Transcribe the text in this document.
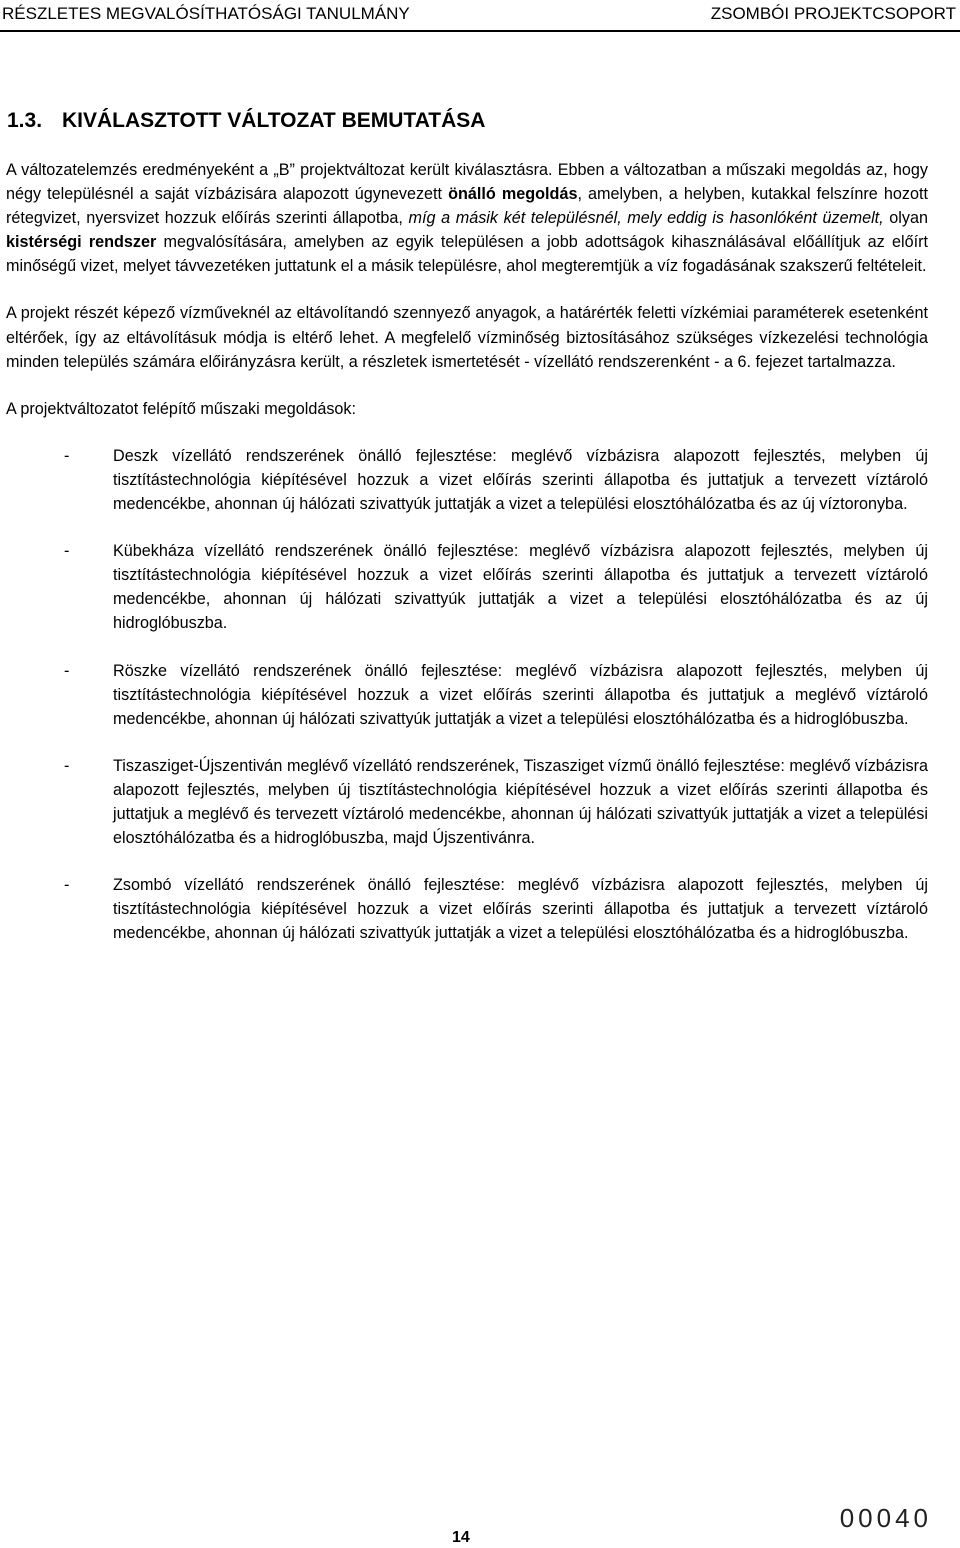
RÉSZLETES MEGVALÓSÍTHATÓSÁGI TANULMÁNY	ZSOMBÓI PROJEKTCSOPORT
1.3. KIVÁLASZTOTT VÁLTOZAT BEMUTATÁSA

A változatelemzés eredményeként a „B” projektváltozat került kiválasztásra. Ebben a változatban a műszaki megoldás az, hogy négy településnél a saját vízbázisára alapozott úgynevezett önálló megoldás, amelyben, a helyben, kutakkal felszínre hozott rétegvizet, nyersvizet hozzuk előírás szerinti állapotba, míg a másik két településnél, mely eddig is hasonlóként üzemelt, olyan kistérségi rendszer megvalósítására, amelyben az egyik településen a jobb adottságok kihasználásával előállítjuk az előírt minőségű vizet, melyet távvezetéken juttatunk el a másik településre, ahol megteremtjük a víz fogadásának szakszerű feltételeit.

A projekt részét képező vízműveknél az eltávolítandó szennyező anyagok, a határérték feletti vízkémiai paraméterek esetenként eltérőek, így az eltávolításuk módja is eltérő lehet. A megfelelő vízminőség biztosításához szükséges vízkezelési technológia minden település számára előirányzásra került, a részletek ismertetését - vízellátó rendszerenként - a 6. fejezet tartalmazza.

A projektváltozatot felépítő műszaki megoldások:

-	Deszk vízellátó rendszerének önálló fejlesztése: meglévő vízbázisra alapozott fejlesztés, melyben új tisztítástechnológia kiépítésével hozzuk a vizet előírás szerinti állapotba és juttatjuk a tervezett víztároló medencékbe, ahonnan új hálózati szivattyúk juttatják a vizet a települési elosztóhálózatba és az új víztoronyba.
-	Kübekháza vízellátó rendszerének önálló fejlesztése: meglévő vízbázisra alapozott fejlesztés, melyben új tisztítástechnológia kiépítésével hozzuk a vizet előírás szerinti állapotba és juttatjuk a tervezett víztároló medencékbe, ahonnan új hálózati szivattyúk juttatják a vizet a települési elosztóhálózatba és az új hidroglóbuszba.
-	Röszke vízellátó rendszerének önálló fejlesztése: meglévő vízbázisra alapozott fejlesztés, melyben új tisztítástechnológia kiépítésével hozzuk a vizet előírás szerinti állapotba és juttatjuk a meglévő víztároló medencékbe, ahonnan új hálózati szivattyúk juttatják a vizet a települési elosztóhálózatba és a hidroglóbuszba.
-	Tiszasziget-Újszentiván meglévő vízellátó rendszerének, Tiszasziget vízmű önálló fejlesztése: meglévő vízbázisra alapozott fejlesztés, melyben új tisztítástechnológia kiépítésével hozzuk a vizet előírás szerinti állapotba és juttatjuk a meglévő és tervezett víztároló medencékbe, ahonnan új hálózati szivattyúk juttatják a vizet a települési elosztóhálózatba és a hidroglóbuszba, majd Újszentivánra.
-	Zsombó vízellátó rendszerének önálló fejlesztése: meglévő vízbázisra alapozott fejlesztés, melyben új tisztítástechnológia kiépítésével hozzuk a vizet előírás szerinti állapotba és juttatjuk a tervezett víztároló medencékbe, ahonnan új hálózati szivattyúk juttatják a vizet a települési elosztóhálózatba és a hidroglóbuszba.
00040
14
